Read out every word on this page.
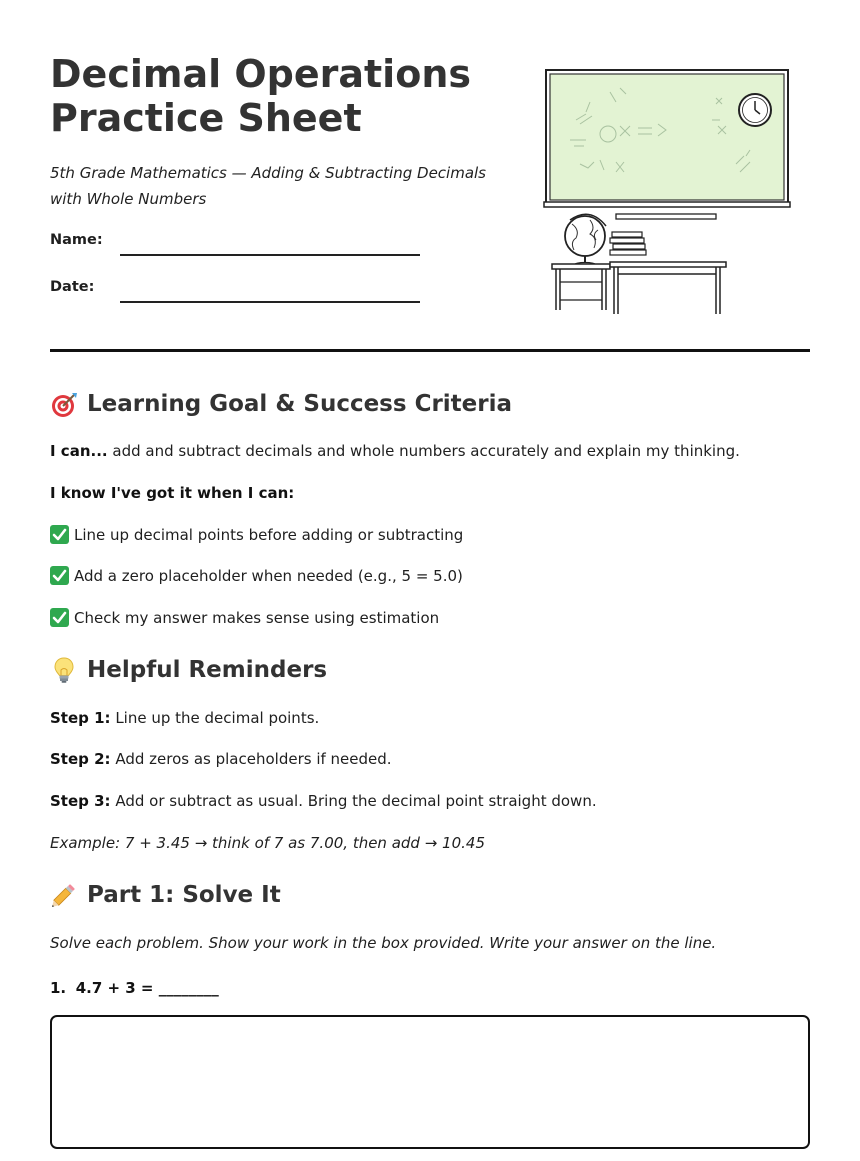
Decimal Operations
Practice Sheet
5th Grade Mathematics — Adding & Subtracting Decimals with Whole Numbers
Name:
Date:
Learning Goal & Success Criteria
I can... add and subtract decimals and whole numbers accurately and explain my thinking.
I know I've got it when I can:
Line up decimal points before adding or subtracting
Add a zero placeholder when needed (e.g., 5 = 5.0)
Check my answer makes sense using estimation
Helpful Reminders
Step 1: Line up the decimal points.
Step 2: Add zeros as placeholders if needed.
Step 3: Add or subtract as usual. Bring the decimal point straight down.
Example: 7 + 3.45 → think of 7 as 7.00, then add → 10.45
Part 1: Solve It
Solve each problem. Show your work in the box provided. Write your answer on the line.
1. 4.7 + 3 = ________
